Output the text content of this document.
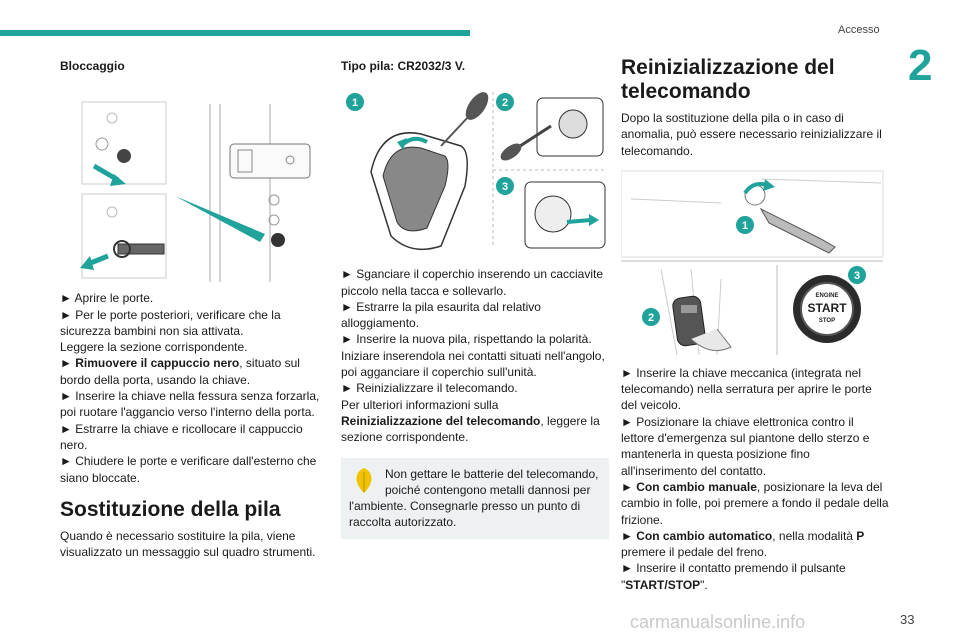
Accesso
2

Bloccaggio

► Aprire le porte.

► Per le porte posteriori, verificare che la sicurezza bambini non sia attivata.

Leggere la sezione corrispondente.

► Rimuovere il cappuccio nero, situato sul bordo della porta, usando la chiave.

► Inserire la chiave nella fessura senza forzarla, poi ruotare l'aggancio verso l'interno della porta.

► Estrarre la chiave e ricollocare il cappuccio nero.

► Chiudere le porte e verificare dall'esterno che siano bloccate.

Sostituzione della pila

Quando è necessario sostituire la pila, viene visualizzato un messaggio sul quadro strumenti.

Tipo pila: CR2032/3 V.

1	2
3

► Sganciare il coperchio inserendo un cacciavite piccolo nella tacca e sollevarlo.

► Estrarre la pila esaurita dal relativo alloggiamento.

► Inserire la nuova pila, rispettando la polarità. Iniziare inserendola nei contatti situati nell'angolo, poi agganciare il coperchio sull'unità.

► Reinizializzare il telecomando.

Per ulteriori informazioni sulla

Reinizializzazione del telecomando, leggere la sezione corrispondente.

Non gettare le batterie del telecomando, poiché contengono metalli dannosi per l'ambiente. Consegnarle presso un punto di raccolta autorizzato.
Reinizializzazione del telecomando

Dopo la sostituzione della pila o in caso di anomalia, può essere necessario reinizializzare il telecomando.

1
2
ENGINE
START
STOP
3

► Inserire la chiave meccanica (integrata nel telecomando) nella serratura per aprire le porte del veicolo.

► Posizionare la chiave elettronica contro il lettore d'emergenza sul piantone dello sterzo e mantenerla in questa posizione fino all'inserimento del contatto.

► Con cambio manuale, posizionare la leva del cambio in folle, poi premere a fondo il pedale della frizione.

► Con cambio automatico, nella modalità P premere il pedale del freno.

► Inserire il contatto premendo il pulsante "START/STOP".

carmanualsonline.info	33
